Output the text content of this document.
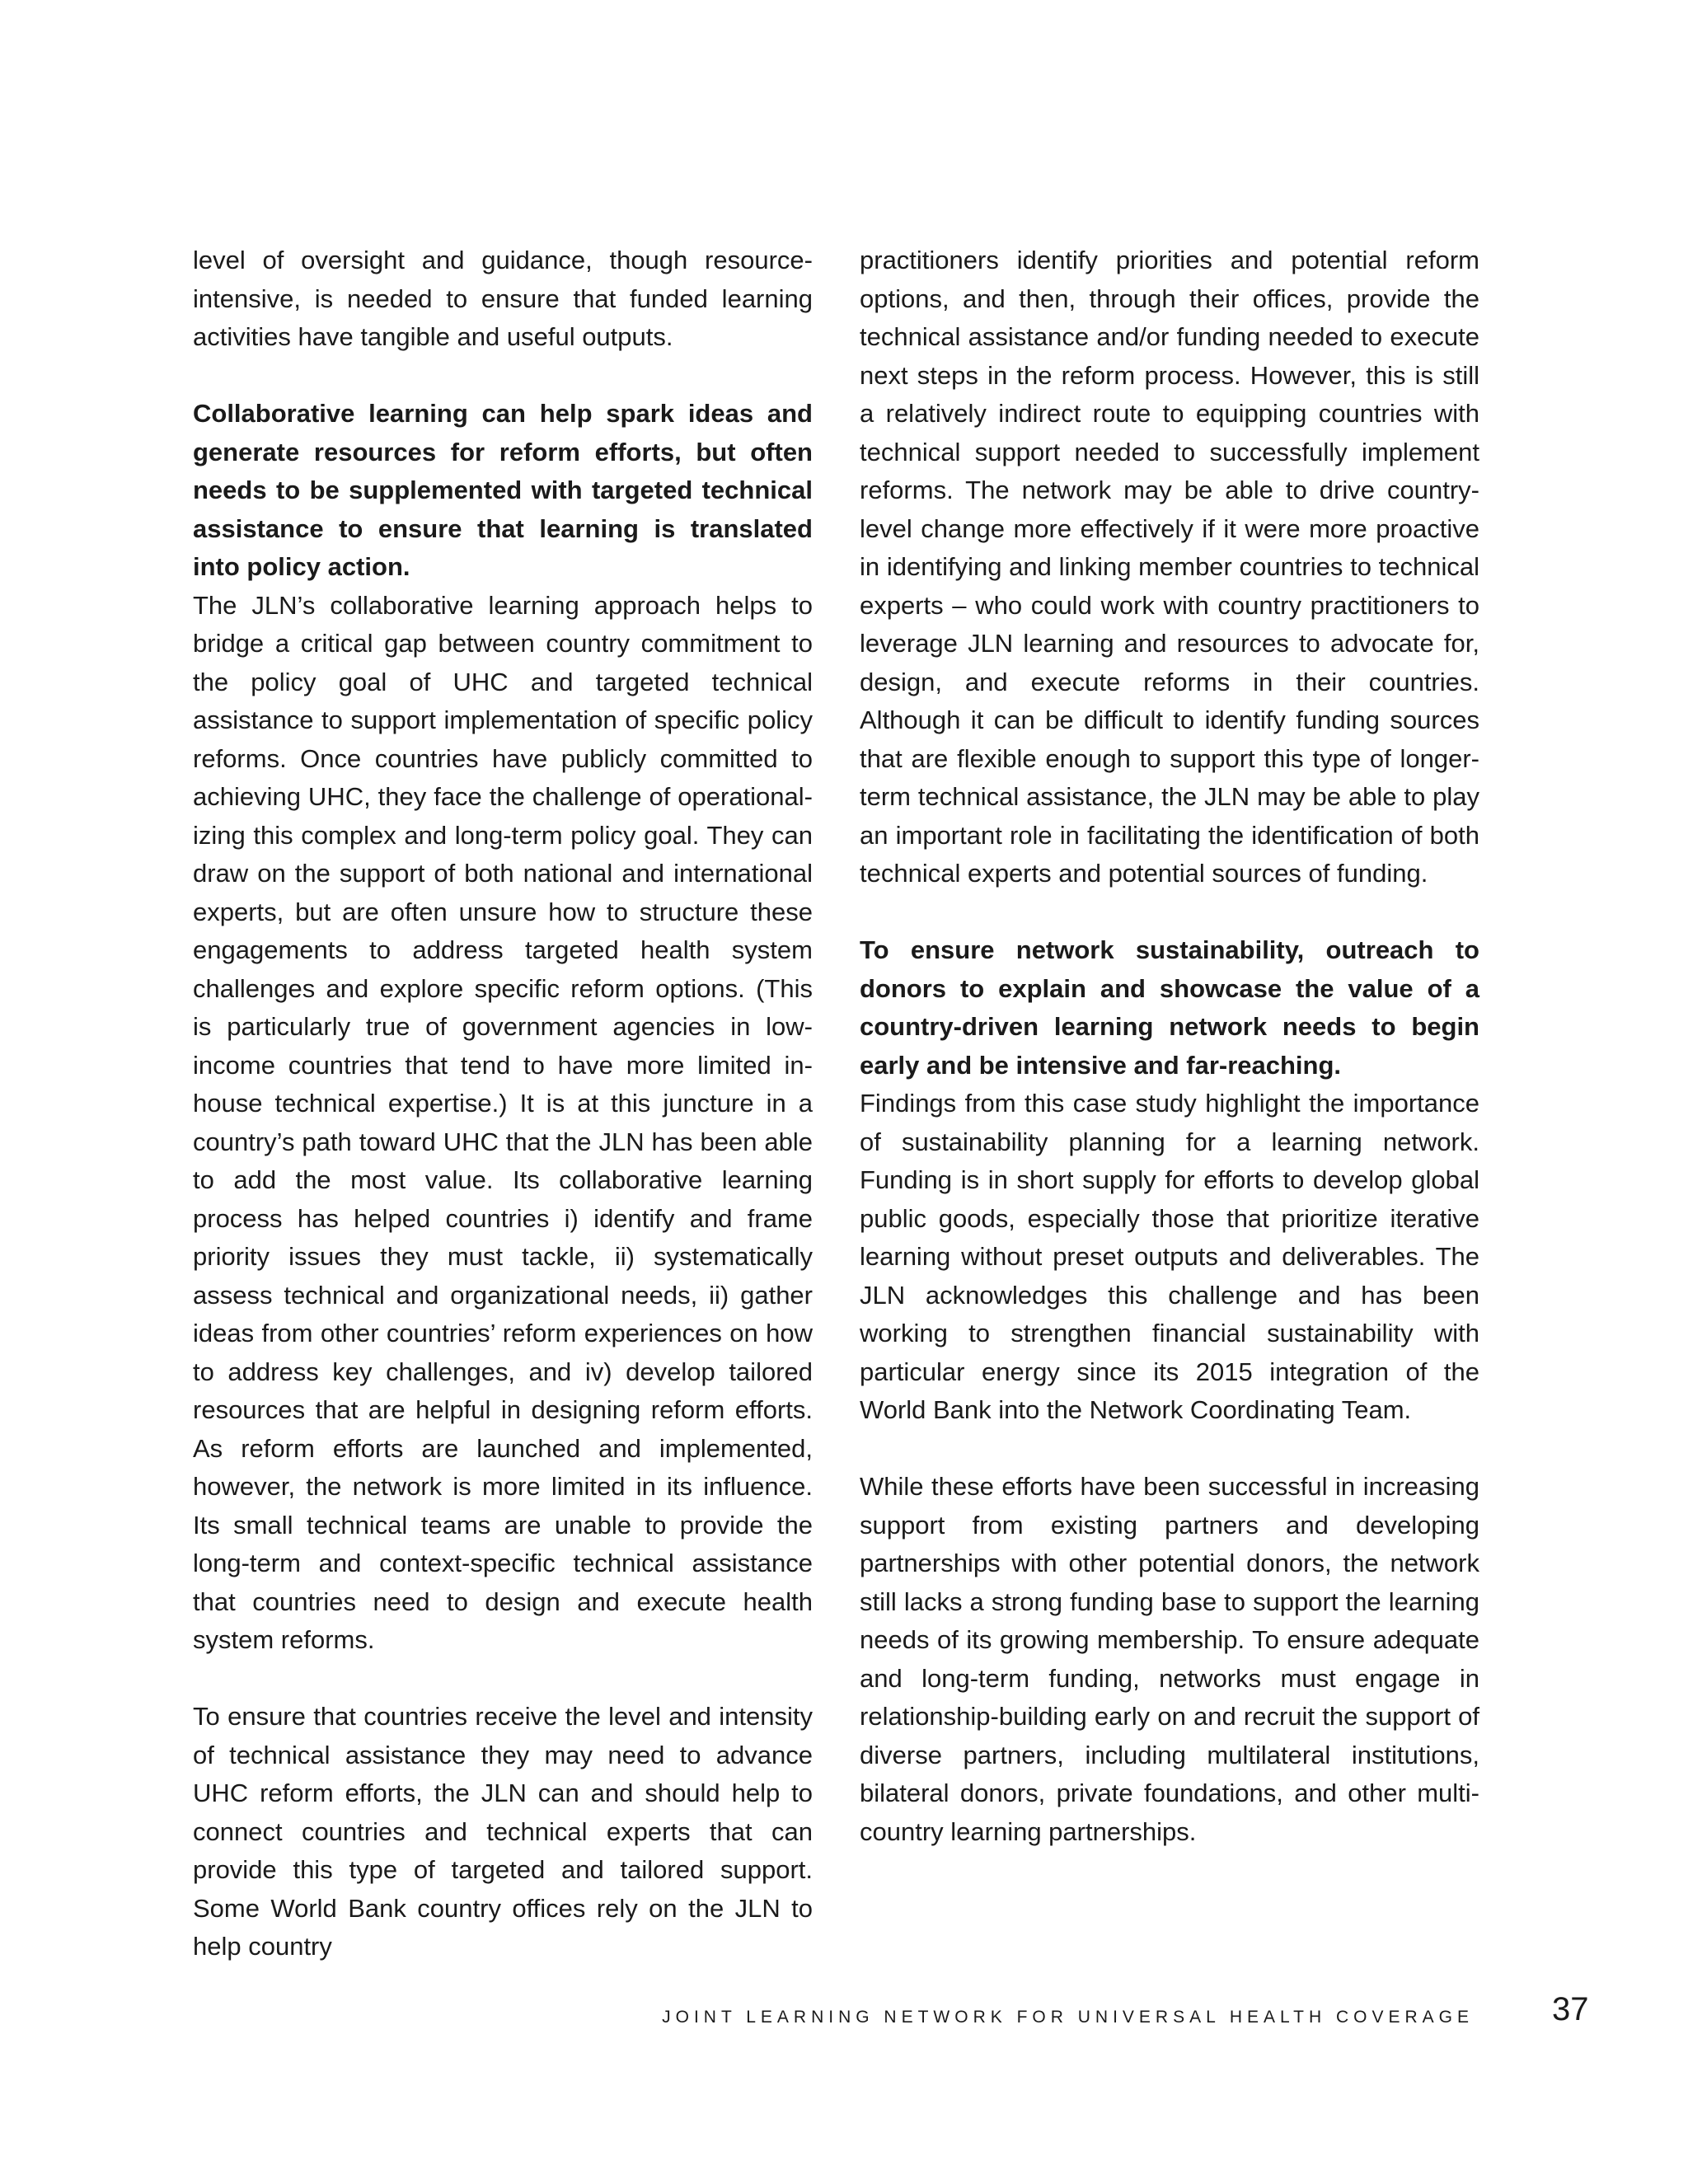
level of oversight and guidance, though resource-intensive, is needed to ensure that funded learning activities have tangible and useful outputs.

Collaborative learning can help spark ideas and generate resources for reform efforts, but often needs to be supplemented with targeted technical assistance to ensure that learning is translated into policy action.

The JLN’s collaborative learning approach helps to bridge a critical gap between country commitment to the policy goal of UHC and targeted technical assistance to support implementation of specific policy reforms. Once countries have publicly committed to achieving UHC, they face the challenge of operationalizing this complex and long-term policy goal. They can draw on the support of both national and international experts, but are often unsure how to structure these engagements to address targeted health system challenges and explore specific reform options. (This is particularly true of government agencies in low-income countries that tend to have more limited in-house technical expertise.) It is at this juncture in a country’s path toward UHC that the JLN has been able to add the most value. Its collaborative learning process has helped countries i) identify and frame priority issues they must tackle, ii) systematically assess technical and organizational needs, ii) gather ideas from other countries’ reform experiences on how to address key challenges, and iv) develop tailored resources that are helpful in designing reform efforts. As reform efforts are launched and implemented, however, the network is more limited in its influence. Its small technical teams are unable to provide the long-term and context-specific technical assistance that countries need to design and execute health system reforms.

To ensure that countries receive the level and intensity of technical assistance they may need to advance UHC reform efforts, the JLN can and should help to connect countries and technical experts that can provide this type of targeted and tailored support. Some World Bank country offices rely on the JLN to help country

practitioners identify priorities and potential reform options, and then, through their offices, provide the technical assistance and/or funding needed to execute next steps in the reform process. However, this is still a relatively indirect route to equipping countries with technical support needed to successfully implement reforms. The network may be able to drive country-level change more effectively if it were more proactive in identifying and linking member countries to technical experts – who could work with country practitioners to leverage JLN learning and resources to advocate for, design, and execute reforms in their countries. Although it can be difficult to identify funding sources that are flexible enough to support this type of longer-term technical assistance, the JLN may be able to play an important role in facilitating the identification of both technical experts and potential sources of funding.

To ensure network sustainability, outreach to donors to explain and showcase the value of a country-driven learning network needs to begin early and be intensive and far-reaching.

Findings from this case study highlight the importance of sustainability planning for a learning network. Funding is in short supply for efforts to develop global public goods, especially those that prioritize iterative learning without preset outputs and deliverables. The JLN acknowledges this challenge and has been working to strengthen financial sustainability with particular energy since its 2015 integration of the World Bank into the Network Coordinating Team.

While these efforts have been successful in increasing support from existing partners and developing partnerships with other potential donors, the network still lacks a strong funding base to support the learning needs of its growing membership. To ensure adequate and long-term funding, networks must engage in relationship-building early on and recruit the support of diverse partners, including multilateral institutions, bilateral donors, private foundations, and other multi-country learning partnerships.

JOINT LEARNING NETWORK FOR UNIVERSAL HEALTH COVERAGE 37
